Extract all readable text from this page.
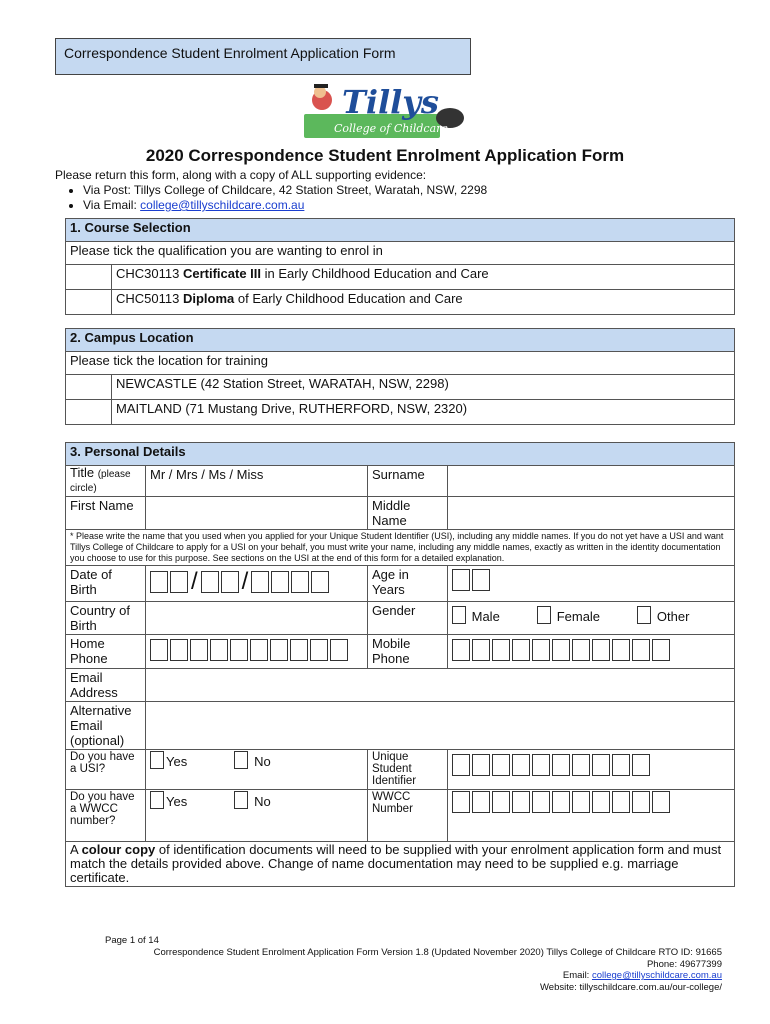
Correspondence Student Enrolment Application Form
Tillys
College of Childcare
2020 Correspondence Student Enrolment Application Form
Please return this form, along with a copy of ALL supporting evidence:
• Via Post: Tillys College of Childcare, 42 Station Street, Waratah, NSW, 2298
• Via Email: college@tillyschildcare.com.au
1. Course Selection	
Please tick the qualification you are wanting to enrol in	
	CHC30113 Certificate III in Early Childhood Education and Care
	CHC50113 Diploma of Early Childhood Education and Care
2. Campus Location	
Please tick the location for training	
	NEWCASTLE (42 Station Street, WARATAH, NSW, 2298)
	MAITLAND (71 Mustang Drive, RUTHERFORD, NSW, 2320)
3. Personal Details			
Title (please circle)	Mr / Mrs / Ms / Miss	Surname	
First Name		Middle Name	
* Please write the name that you used when you applied for your Unique Student Identifier (USI), including any middle names. If you do not yet have a USI and want Tillys College of Childcare to apply for a USI on your behalf, you must write your name, including any middle names, exactly as written in the identity documentation you choose to use for this purpose. See sections on the USI at the end of this form for a detailed explanation.			
Date of Birth	/ /	Age in Years	

Country of Birth		Gender	Male Female Other
Home Phone		Mobile Phone	

Email Address			
Alternative Email (optional)			
Do you have a USI?	Yes No	Unique Student Identifier	

Do you have a WWCC number?	Yes No	WWCC Number	

A colour copy of identification documents will need to be supplied with your enrolment application form and must match the details provided above. Change of name documentation may need to be supplied e.g. marriage certificate.			
Page 1 of 14
Correspondence Student Enrolment Application Form Version 1.8 (Updated November 2020) Tillys College of Childcare RTO ID: 91665
Phone: 49677399
Email: college@tillyschildcare.com.au
Website: tillyschildcare.com.au/our-college/
